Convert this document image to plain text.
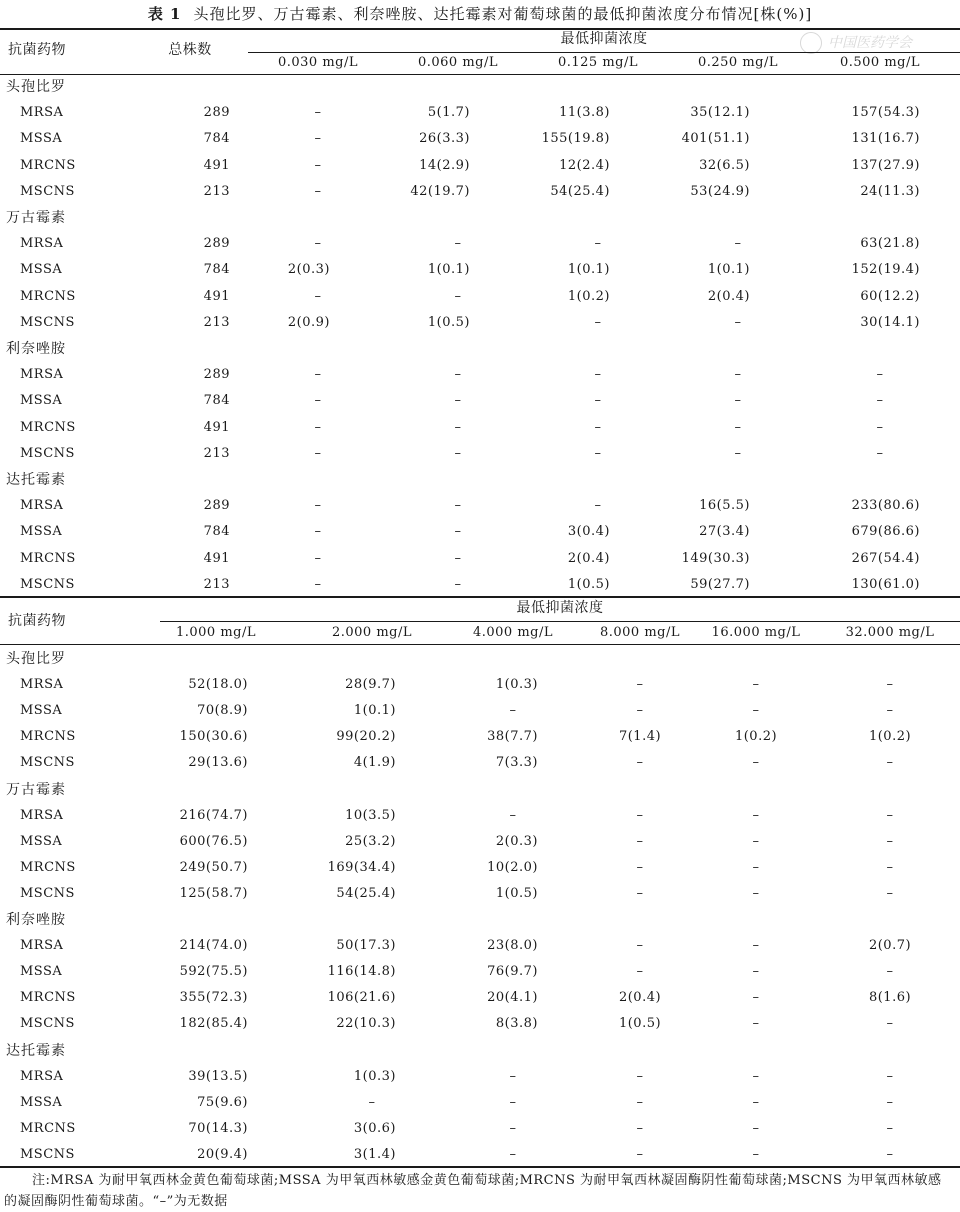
表 1 头孢比罗、万古霉素、利奈唑胺、达托霉素对葡萄球菌的最低抑菌浓度分布情况[株(%)]
中国医药学会
抗菌药物	总株数
最低抑菌浓度
0.030 mg/L	0.060 mg/L	0.125 mg/L	0.250 mg/L	0.500 mg/L
头孢比罗
MRSA	289	–	5(1.7)	11(3.8)	35(12.1)	157(54.3)
MSSA	784	–	26(3.3)	155(19.8)	401(51.1)	131(16.7)
MRCNS	491	–	14(2.9)	12(2.4)	32(6.5)	137(27.9)
MSCNS	213	–	42(19.7)	54(25.4)	53(24.9)	24(11.3)
万古霉素
MRSA	289	–	–	–	–	63(21.8)
MSSA	784	2(0.3)	1(0.1)	1(0.1)	1(0.1)	152(19.4)
MRCNS	491	–	–	1(0.2)	2(0.4)	60(12.2)
MSCNS	213	2(0.9)	1(0.5)	–	–	30(14.1)
利奈唑胺
MRSA	289	–	–	–	–	–
MSSA	784	–	–	–	–	–
MRCNS	491	–	–	–	–	–
MSCNS	213	–	–	–	–	–
达托霉素
MRSA	289	–	–	–	16(5.5)	233(80.6)
MSSA	784	–	–	3(0.4)	27(3.4)	679(86.6)
MRCNS	491	–	–	2(0.4)	149(30.3)	267(54.4)
MSCNS	213	–	–	1(0.5)	59(27.7)	130(61.0)
抗菌药物
最低抑菌浓度
1.000 mg/L	2.000 mg/L	4.000 mg/L	8.000 mg/L	16.000 mg/L	32.000 mg/L
头孢比罗
MRSA	52(18.0)	28(9.7)	1(0.3)	–	–	–
MSSA	70(8.9)	1(0.1)	–	–	–	–
MRCNS	150(30.6)	99(20.2)	38(7.7)	7(1.4)	1(0.2)	1(0.2)
MSCNS	29(13.6)	4(1.9)	7(3.3)	–	–	–
万古霉素
MRSA	216(74.7)	10(3.5)	–	–	–	–
MSSA	600(76.5)	25(3.2)	2(0.3)	–	–	–
MRCNS	249(50.7)	169(34.4)	10(2.0)	–	–	–
MSCNS	125(58.7)	54(25.4)	1(0.5)	–	–	–
利奈唑胺
MRSA	214(74.0)	50(17.3)	23(8.0)	–	–	2(0.7)
MSSA	592(75.5)	116(14.8)	76(9.7)	–	–	–
MRCNS	355(72.3)	106(21.6)	20(4.1)	2(0.4)	–	8(1.6)
MSCNS	182(85.4)	22(10.3)	8(3.8)	1(0.5)	–	–
达托霉素
MRSA	39(13.5)	1(0.3)	–	–	–	–
MSSA	75(9.6)	–	–	–	–	–
MRCNS	70(14.3)	3(0.6)	–	–	–	–
MSCNS	20(9.4)	3(1.4)	–	–	–	–
注:MRSA 为耐甲氧西林金黄色葡萄球菌;MSSA 为甲氧西林敏感金黄色葡萄球菌;MRCNS 为耐甲氧西林凝固酶阴性葡萄球菌;MSCNS 为甲氧西林敏感的凝固酶阴性葡萄球菌。“–”为无数据
